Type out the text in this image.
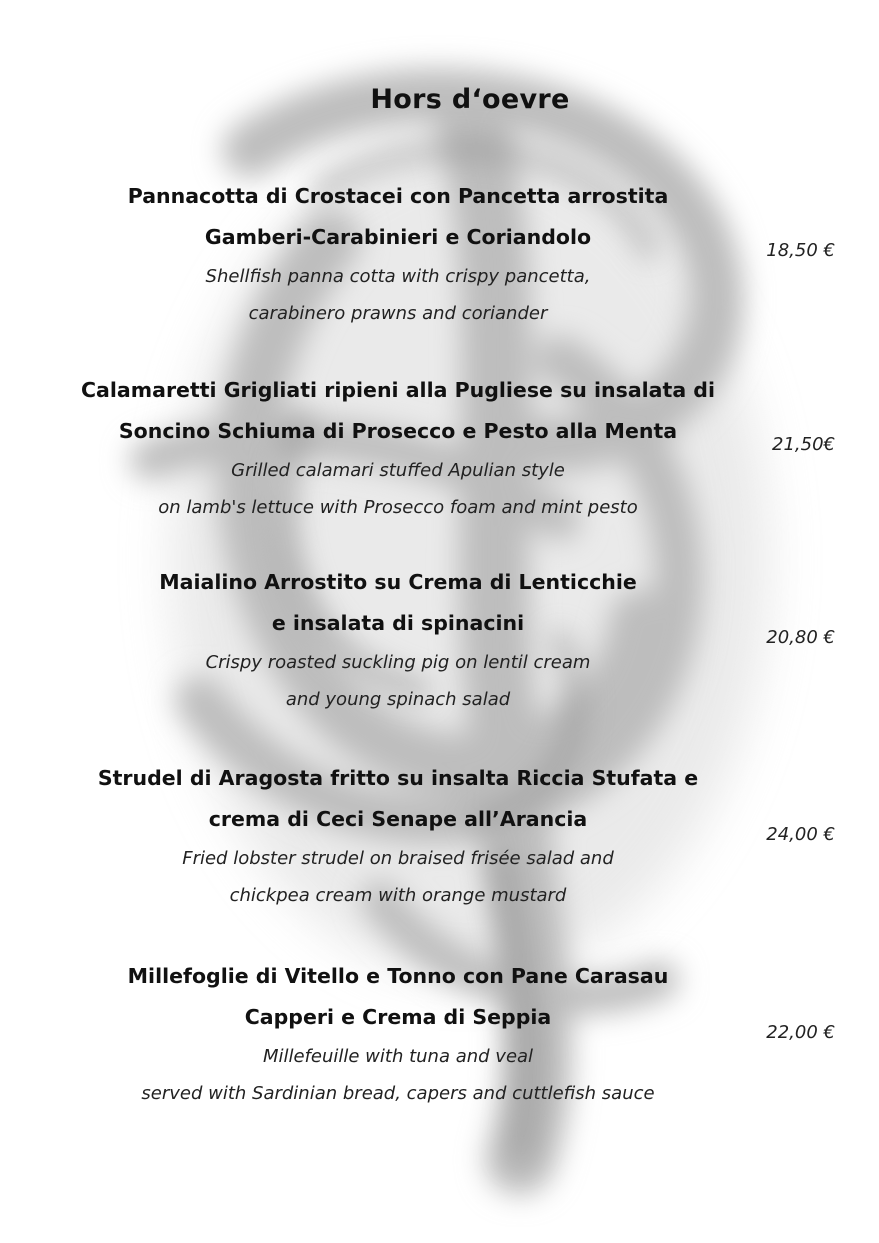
Hors d‘oevre
Pannacotta di Crostacei con Pancetta arrostita
Gamberi-Carabinieri e Coriandolo
Shellfish panna cotta with crispy pancetta,
carabinero prawns and coriander
18,50 €
Calamaretti Grigliati ripieni alla Pugliese su insalata di
Soncino Schiuma di Prosecco e Pesto alla Menta
Grilled calamari stuffed Apulian style
on lamb's lettuce with Prosecco foam and mint pesto
21,50€
Maialino Arrostito su Crema di Lenticchie
e insalata di spinacini
Crispy roasted suckling pig on lentil cream
and young spinach salad
20,80 €
Strudel di Aragosta fritto su insalta Riccia Stufata e
crema di Ceci Senape all’Arancia
Fried lobster strudel on braised frisée salad and
chickpea cream with orange mustard
24,00 €
Millefoglie di Vitello e Tonno con Pane Carasau
Capperi e Crema di Seppia
Millefeuille with tuna and veal
served with Sardinian bread, capers and cuttlefish sauce
22,00 €
